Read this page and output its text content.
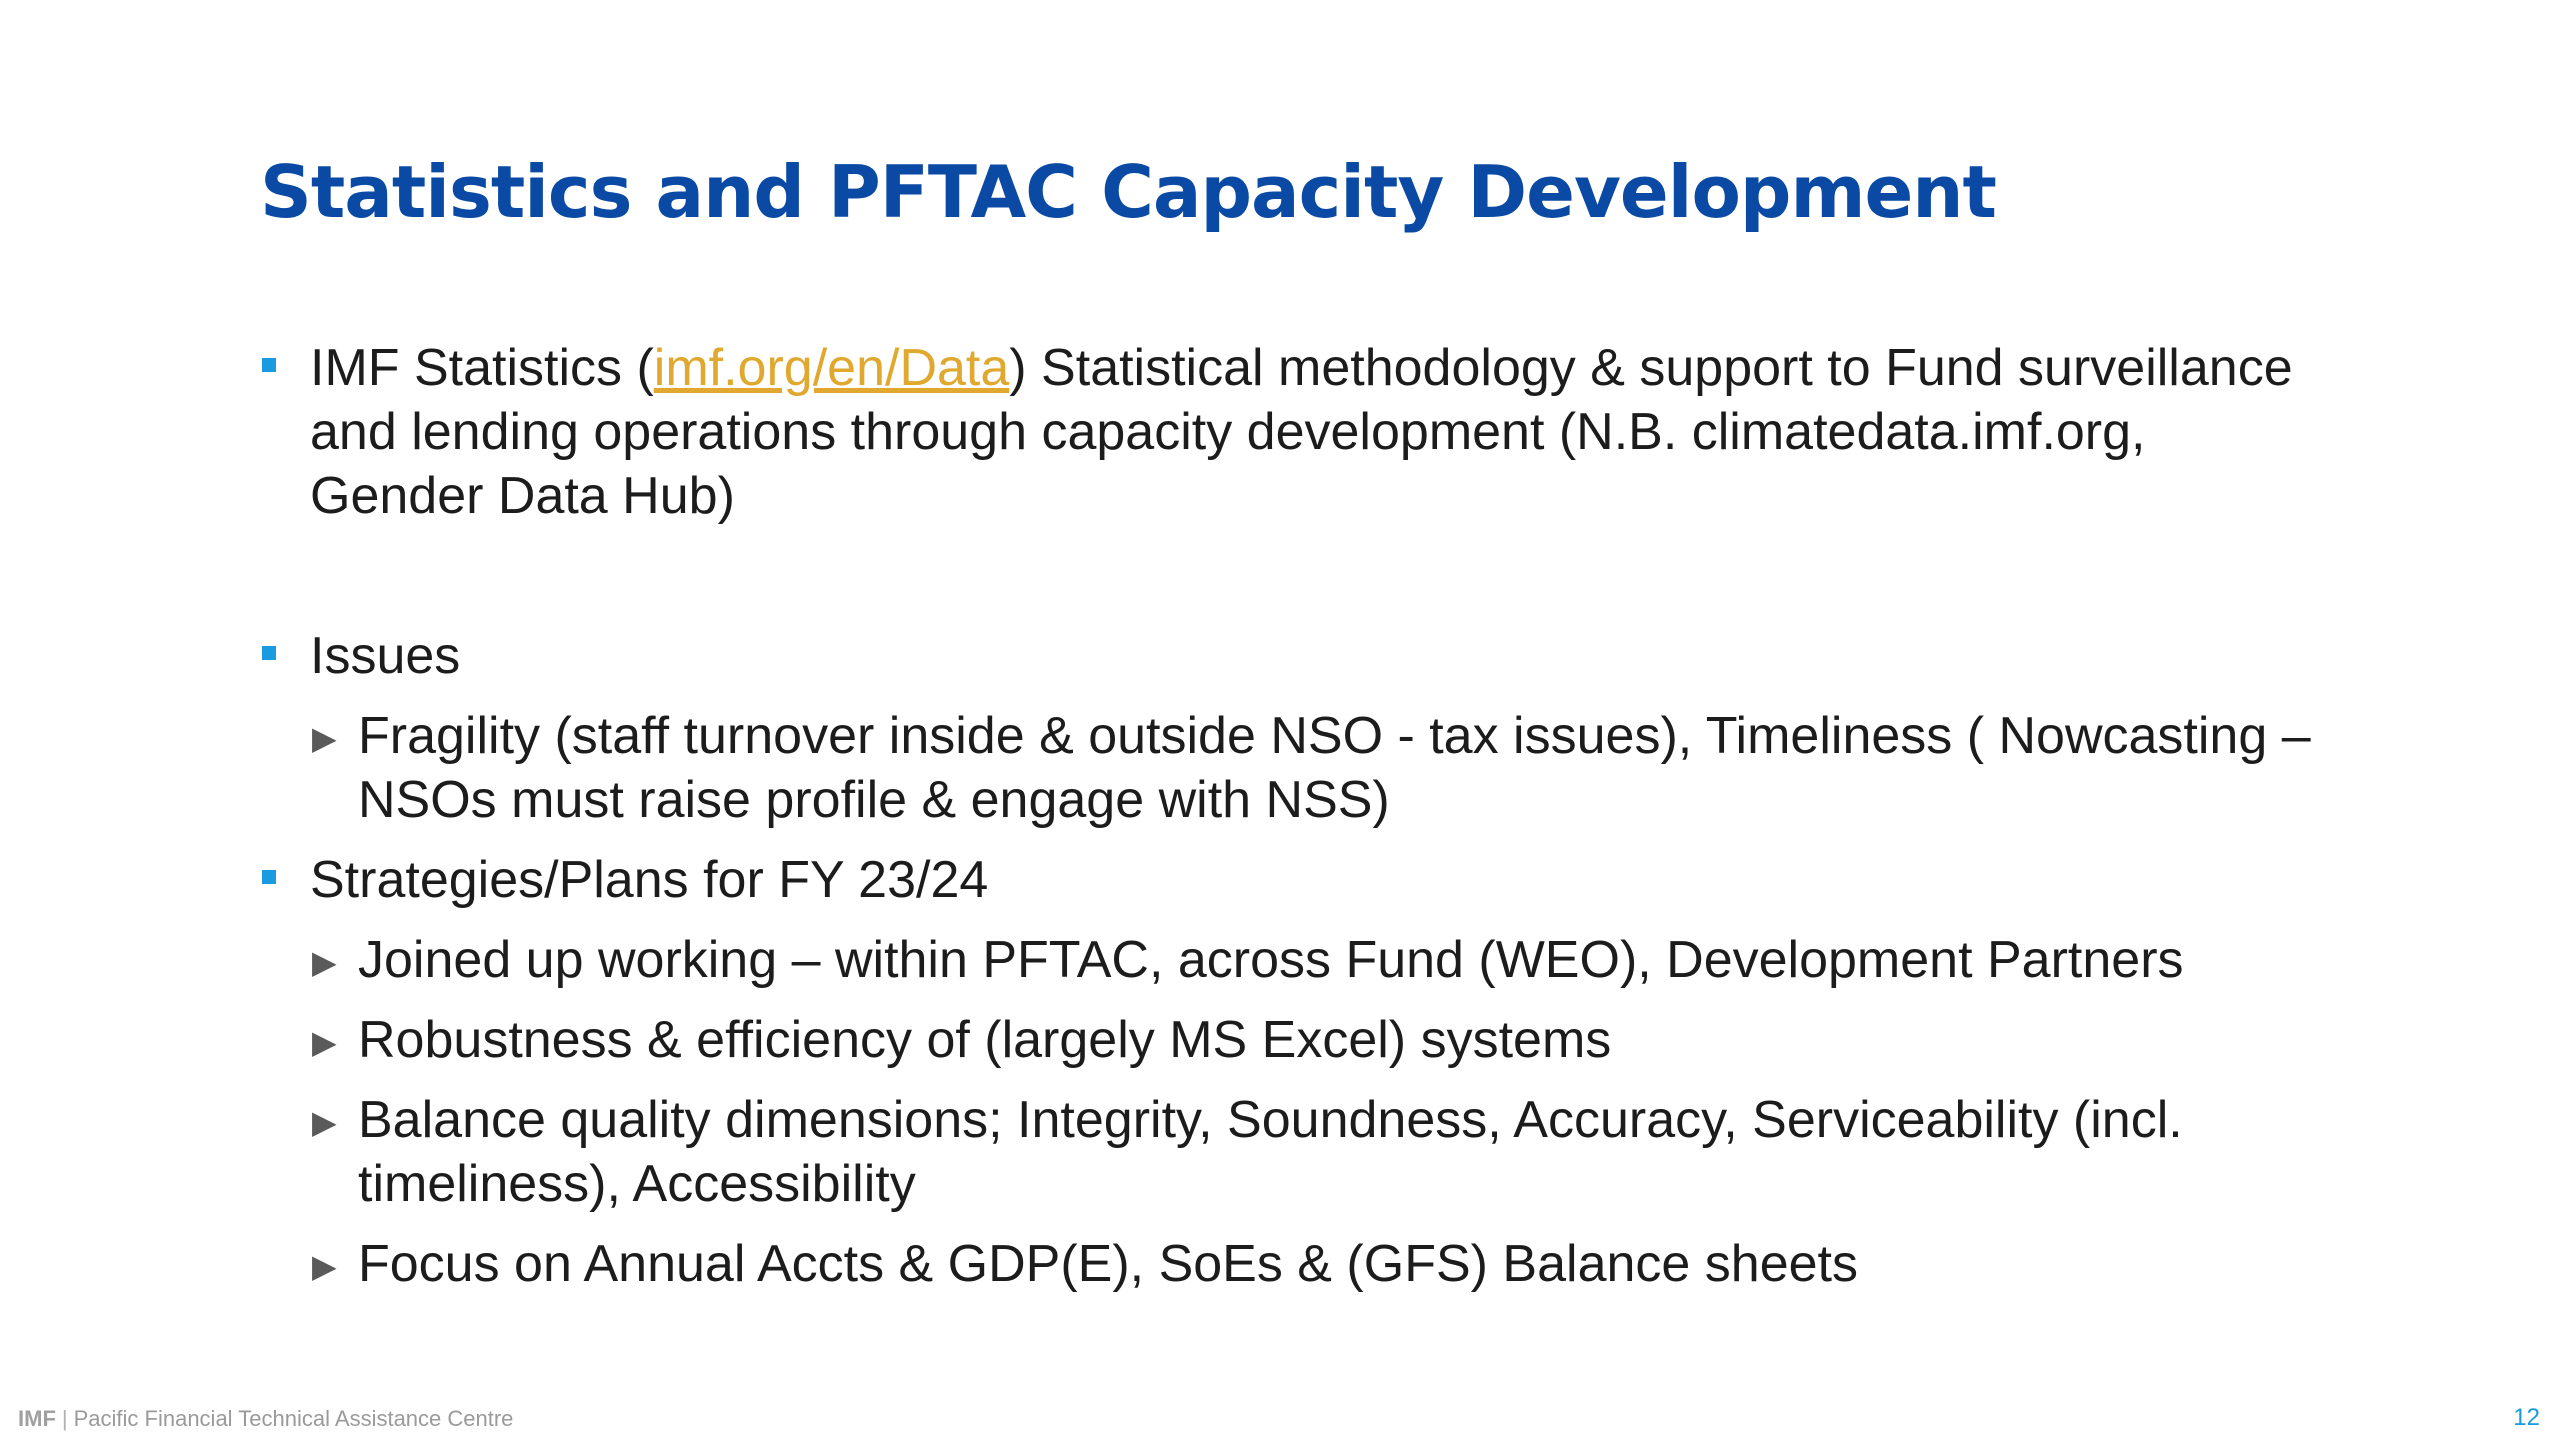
Statistics and PFTAC Capacity Development
IMF Statistics (imf.org/en/Data) Statistical methodology & support to Fund surveillance and lending operations through capacity development (N.B. climatedata.imf.org, Gender Data Hub)
Issues
▶ Fragility (staff turnover inside & outside NSO - tax issues), Timeliness ( Nowcasting – NSOs must raise profile & engage with NSS)
Strategies/Plans for FY 23/24
▶ Joined up working – within PFTAC, across Fund (WEO), Development Partners
▶ Robustness & efficiency of (largely MS Excel) systems
▶ Balance quality dimensions; Integrity, Soundness, Accuracy, Serviceability (incl. timeliness), Accessibility
▶ Focus on Annual Accts & GDP(E), SoEs & (GFS) Balance sheets
IMF | Pacific Financial Technical Assistance Centre	12
